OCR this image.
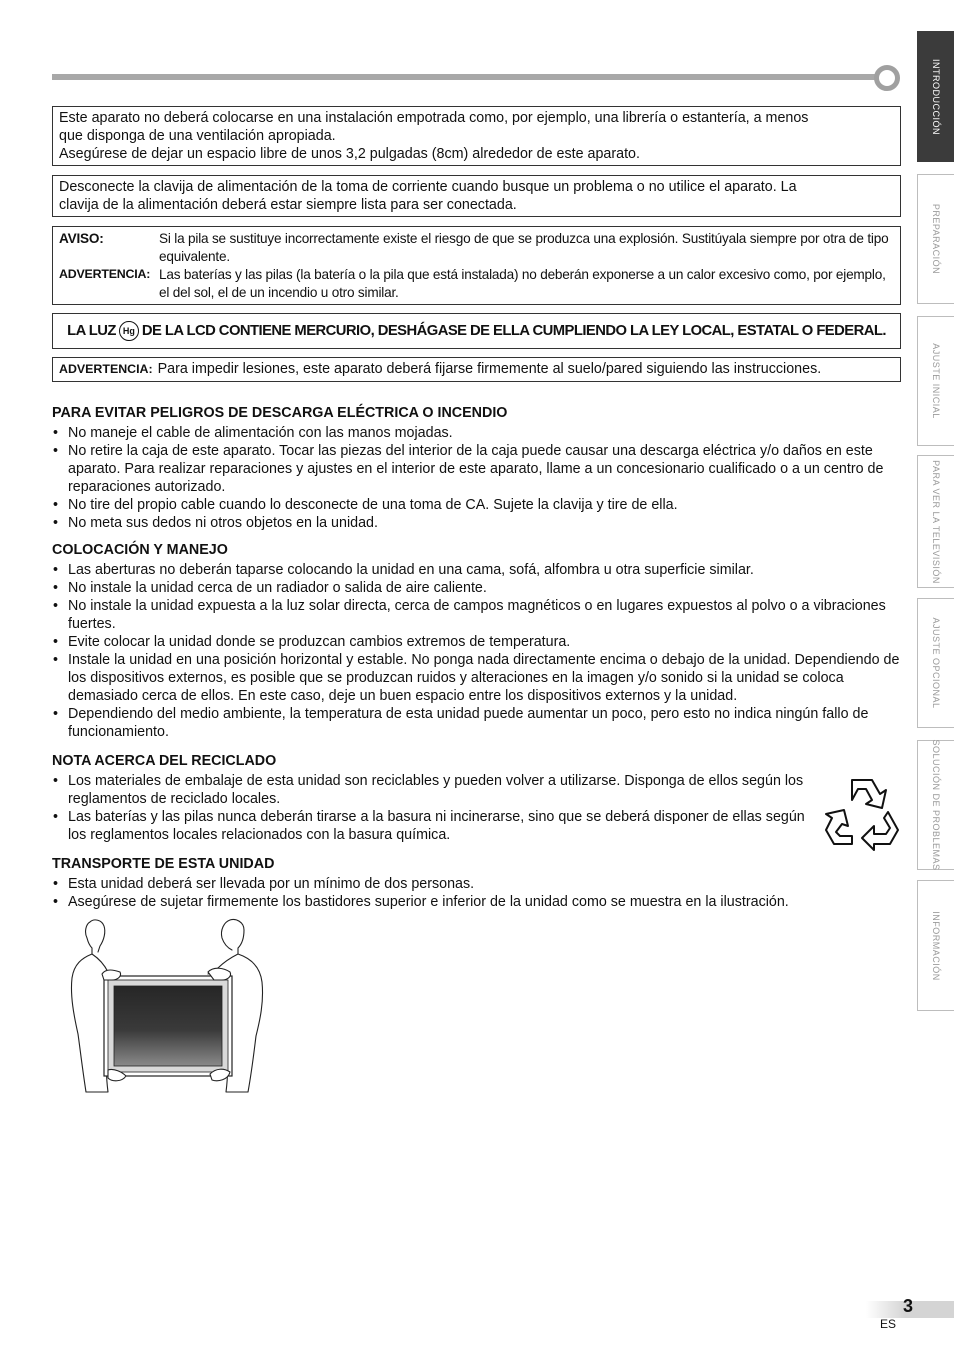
INTRODUCCIÓN
PREPARACIÓN
AJUSTE INICIAL
PARA VER LA TELEVISIÓN
AJUSTE OPCIONAL
SOLUCIÓN DE PROBLEMAS
INFORMACIÓN
Este aparato no deberá colocarse en una instalación empotrada como, por ejemplo, una librería o estantería, a menos
que disponga de una ventilación apropiada.
Asegúrese de dejar un espacio libre de unos 3,2 pulgadas (8cm) alrededor de este aparato.
Desconecte la clavija de alimentación de la toma de corriente cuando busque un problema o no utilice el aparato. La
clavija de la alimentación deberá estar siempre lista para ser conectada.
AVISO:	Si la pila se sustituye incorrectamente existe el riesgo de que se produzca una explosión. Sustitúyala siempre por otra de tipo equivalente.
ADVERTENCIA: Las baterías y las pilas (la batería o la pila que está instalada) no deberán exponerse a un calor excesivo como, por ejemplo, el del sol, el de un incendio u otro similar.
LA LUZ Hg DE LA LCD CONTIENE MERCURIO, DESHÁGASE DE ELLA CUMPLIENDO LA LEY LOCAL, ESTATAL O FEDERAL.
ADVERTENCIA: Para impedir lesiones, este aparato deberá fijarse firmemente al suelo/pared siguiendo las instrucciones.
PARA EVITAR PELIGROS DE DESCARGA ELÉCTRICA O INCENDIO
• No maneje el cable de alimentación con las manos mojadas.
• No retire la caja de este aparato. Tocar las piezas del interior de la caja puede causar una descarga eléctrica y/o daños en este aparato. Para realizar reparaciones y ajustes en el interior de este aparato, llame a un concesionario cualificado o a un centro de reparaciones autorizado.
• No tire del propio cable cuando lo desconecte de una toma de CA. Sujete la clavija y tire de ella.
• No meta sus dedos ni otros objetos en la unidad.
COLOCACIÓN Y MANEJO
• Las aberturas no deberán taparse colocando la unidad en una cama, sofá, alfombra u otra superficie similar.
• No instale la unidad cerca de un radiador o salida de aire caliente.
• No instale la unidad expuesta a la luz solar directa, cerca de campos magnéticos o en lugares expuestos al polvo o a vibraciones fuertes.
• Evite colocar la unidad donde se produzcan cambios extremos de temperatura.
• Instale la unidad en una posición horizontal y estable. No ponga nada directamente encima o debajo de la unidad. Dependiendo de los dispositivos externos, es posible que se produzcan ruidos y alteraciones en la imagen y/o sonido si la unidad se coloca demasiado cerca de ellos. En este caso, deje un buen espacio entre los dispositivos externos y la unidad.
• Dependiendo del medio ambiente, la temperatura de esta unidad puede aumentar un poco, pero esto no indica ningún fallo de funcionamiento.
NOTA ACERCA DEL RECICLADO
• Los materiales de embalaje de esta unidad son reciclables y pueden volver a utilizarse. Disponga de ellos según los reglamentos de reciclado locales.
• Las baterías y las pilas nunca deberán tirarse a la basura ni incinerarse, sino que se deberá disponer de ellas según los reglamentos locales relacionados con la basura química.
TRANSPORTE DE ESTA UNIDAD
• Esta unidad deberá ser llevada por un mínimo de dos personas.
• Asegúrese de sujetar firmemente los bastidores superior e inferior de la unidad como se muestra en la ilustración.
3
ES
